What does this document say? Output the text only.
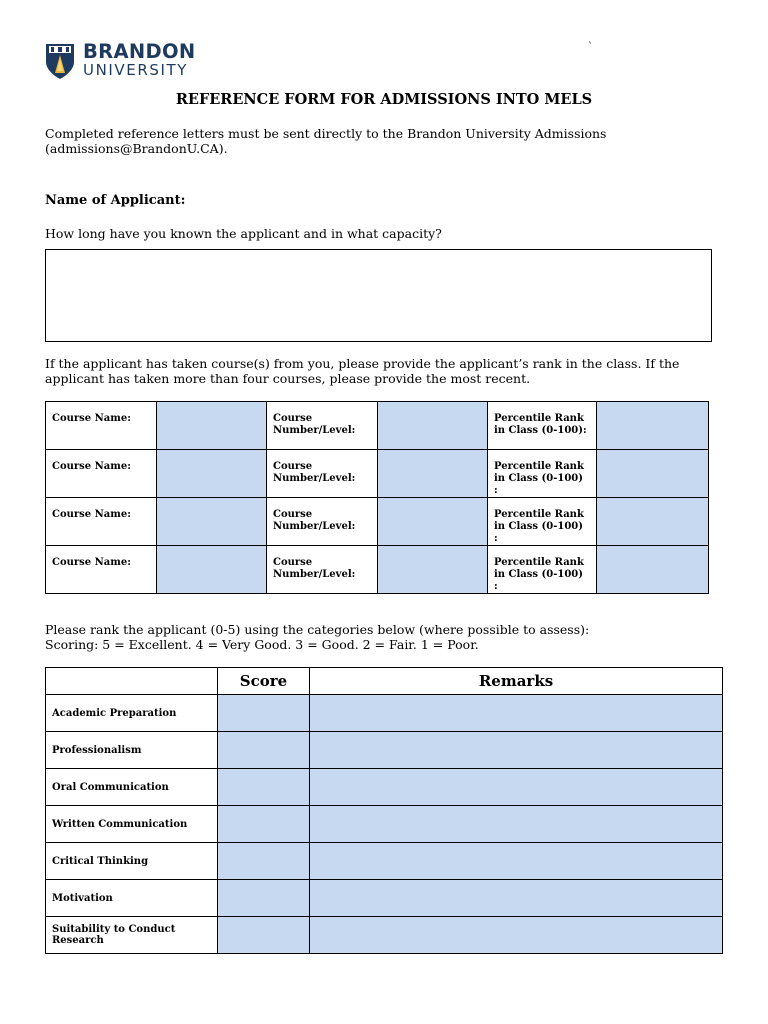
BRANDON
UNIVERSITY
`
REFERENCE FORM FOR ADMISSIONS INTO MELS
Completed reference letters must be sent directly to the Brandon University Admissions
(admissions@BrandonU.CA).
Name of Applicant:
How long have you known the applicant and in what capacity?
If the applicant has taken course(s) from you, please provide the applicant’s rank in the class. If the
applicant has taken more than four courses, please provide the most recent.
Course Name:		Course Number/Level:		Percentile Rank in Class (0-100):	
Course Name:		Course Number/Level:		Percentile Rank in Class (0-100) :	
Course Name:		Course Number/Level:		Percentile Rank in Class (0-100) :	
Course Name:		Course Number/Level:		Percentile Rank in Class (0-100) :	
Please rank the applicant (0-5) using the categories below (where possible to assess):
Scoring: 5 = Excellent. 4 = Very Good. 3 = Good. 2 = Fair. 1 = Poor.
	Score	Remarks
Academic Preparation		
Professionalism		
Oral Communication		
Written Communication		
Critical Thinking		
Motivation		
Suitability to Conduct Research		
